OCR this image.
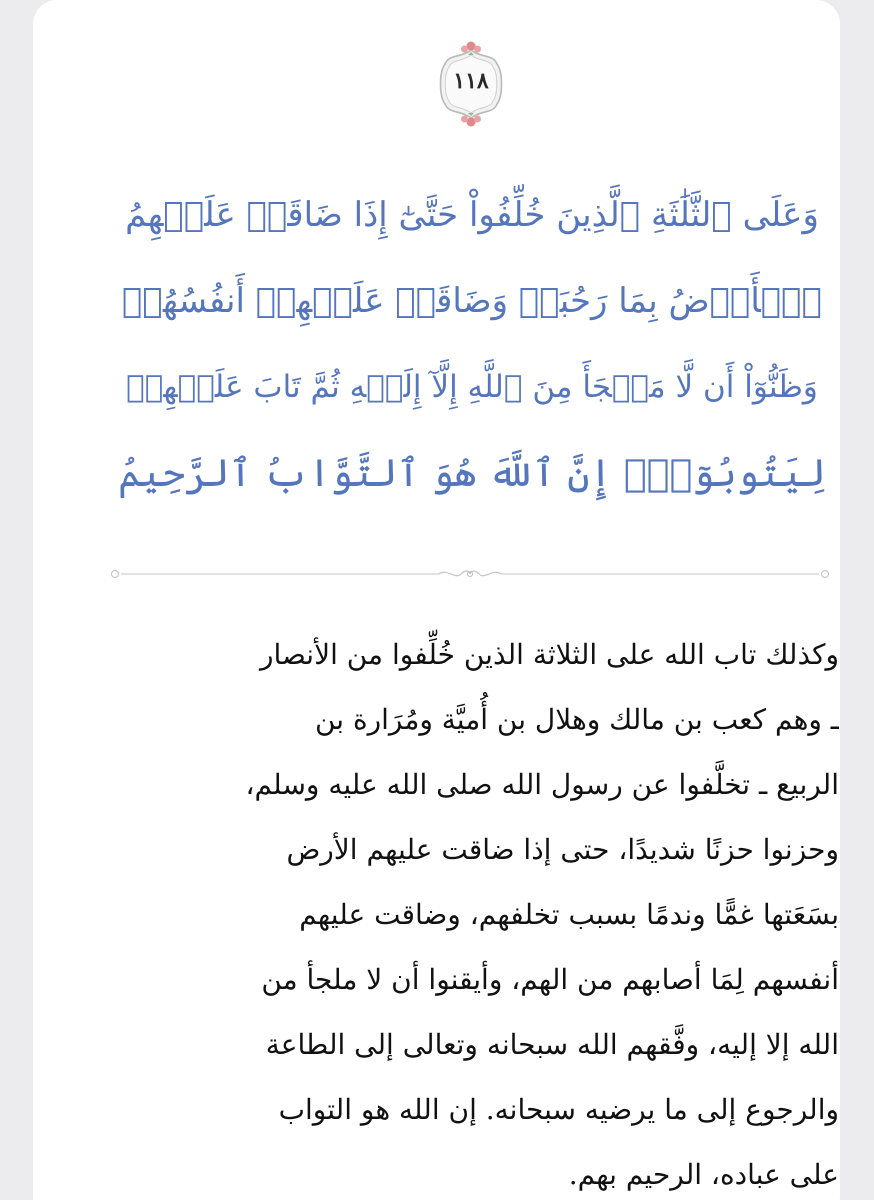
١١٨
وَعَلَى ٱلثَّلَٰثَةِ ٱلَّذِينَ خُلِّفُواْ حَتَّىٰٓ إِذَا ضَاقَتۡ عَلَيۡهِمُ
ٱلۡأَرۡضُ بِمَا رَحُبَتۡ وَضَاقَتۡ عَلَيۡهِمۡ أَنفُسُهُمۡ
وَظَنُّوٓاْ أَن لَّا مَلۡجَأَ مِنَ ٱللَّهِ إِلَّآ إِلَيۡهِ ثُمَّ تَابَ عَلَيۡهِمۡ
لِيَتُوبُوٓاْۚ إِنَّ ٱللَّهَ هُوَ ٱلتَّوَّابُ ٱلرَّحِيمُ
وكذلك تاب الله على الثلاثة الذين خُلِّفوا من الأنصار
ـ وهم كعب بن مالك وهلال بن أُميَّة ومُرَارة بن
الربيع ـ تخلَّفوا عن رسول الله صلى الله عليه وسلم،
وحزنوا حزنًا شديدًا، حتى إذا ضاقت عليهم الأرض
بسَعَتها غمًّا وندمًا بسبب تخلفهم، وضاقت عليهم
أنفسهم لِمَا أصابهم من الهم، وأيقنوا أن لا ملجأ من
الله إلا إليه، وفَّقهم الله سبحانه وتعالى إلى الطاعة
والرجوع إلى ما يرضيه سبحانه. إن الله هو التواب
على عباده، الرحيم بهم.
